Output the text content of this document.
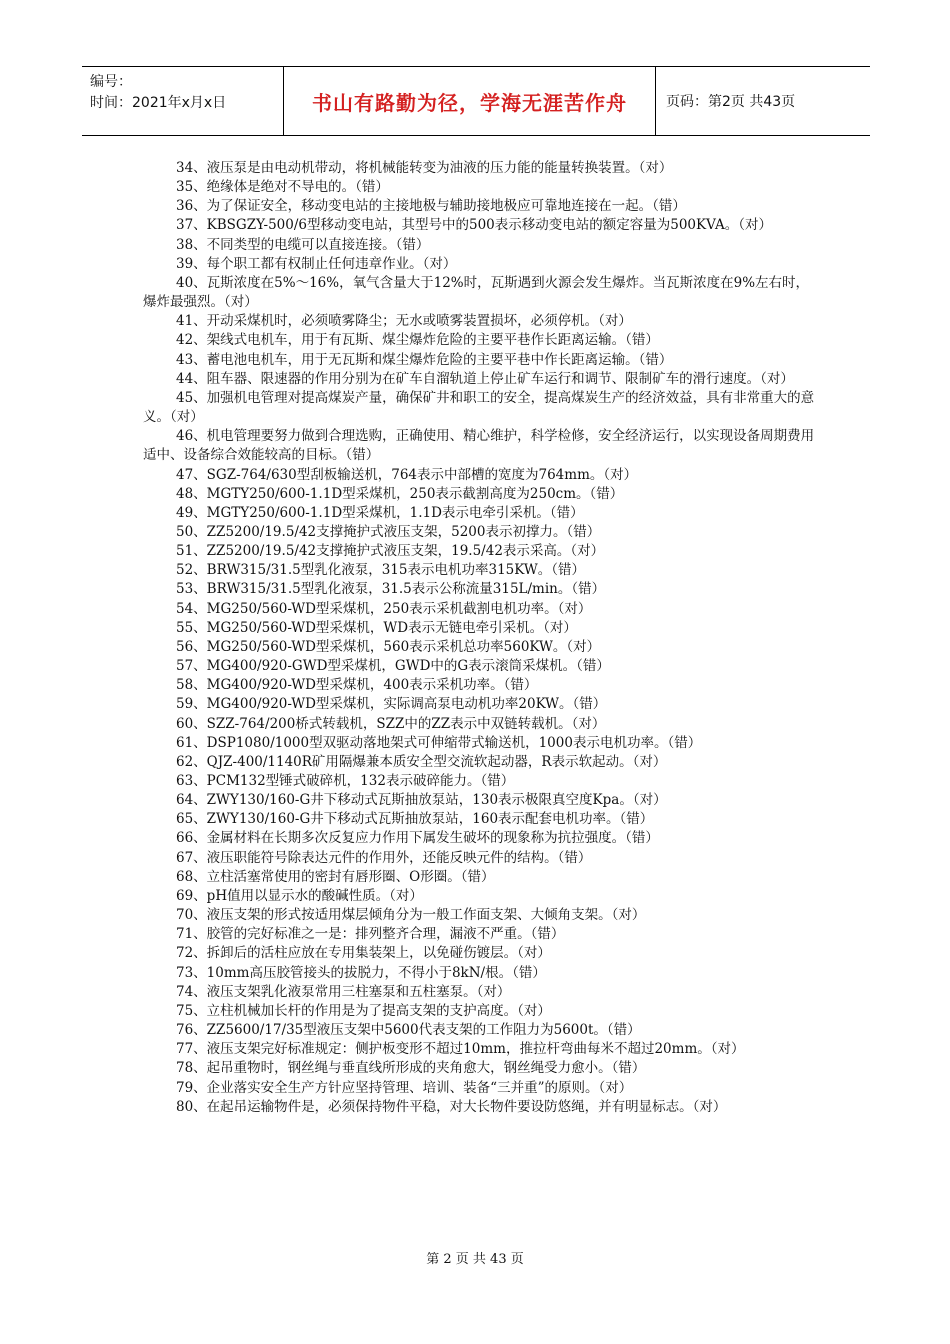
编号：
时间：2021年x月x日	书山有路勤为径，学海无涯苦作舟	页码：第2页 共43页

34、液压泵是由电动机带动，将机械能转变为油液的压力能的能量转换装置。（对）

35、绝缘体是绝对不导电的。（错）

36、为了保证安全，移动变电站的主接地极与辅助接地极应可靠地连接在一起。（错）

37、KBSGZY-500/6型移动变电站，其型号中的500表示移动变电站的额定容量为500KVA。（对）

38、不同类型的电缆可以直接连接。（错）

39、每个职工都有权制止任何违章作业。（对）

40、瓦斯浓度在5%～16%，氧气含量大于12%时，瓦斯遇到火源会发生爆炸。当瓦斯浓度在9%左右时，爆炸最强烈。（对）

41、开动采煤机时，必须喷雾降尘；无水或喷雾装置损坏，必须停机。（对）

42、架线式电机车，用于有瓦斯、煤尘爆炸危险的主要平巷作长距离运输。（错）

43、蓄电池电机车，用于无瓦斯和煤尘爆炸危险的主要平巷中作长距离运输。（错）

44、阻车器、限速器的作用分别为在矿车自溜轨道上停止矿车运行和调节、限制矿车的滑行速度。（对）

45、加强机电管理对提高煤炭产量，确保矿井和职工的安全，提高煤炭生产的经济效益，具有非常重大的意义。（对）

46、机电管理要努力做到合理选购，正确使用、精心维护，科学检修，安全经济运行，以实现设备周期费用适中、设备综合效能较高的目标。（错）

47、SGZ-764/630型刮板输送机，764表示中部槽的宽度为764mm。（对）

48、MGTY250/600-1.1D型采煤机，250表示截割高度为250cm。（错）

49、MGTY250/600-1.1D型采煤机，1.1D表示电牵引采机。（错）

50、ZZ5200/19.5/42支撑掩护式液压支架，5200表示初撑力。（错）

51、ZZ5200/19.5/42支撑掩护式液压支架，19.5/42表示采高。（对）

52、BRW315/31.5型乳化液泵，315表示电机功率315KW。（错）

53、BRW315/31.5型乳化液泵，31.5表示公称流量315L/min。（错）

54、MG250/560-WD型采煤机，250表示采机截割电机功率。（对）

55、MG250/560-WD型采煤机，WD表示无链电牵引采机。（对）

56、MG250/560-WD型采煤机，560表示采机总功率560KW。（对）

57、MG400/920-GWD型采煤机，GWD中的G表示滚筒采煤机。（错）

58、MG400/920-WD型采煤机，400表示采机功率。（错）

59、MG400/920-WD型采煤机，实际调高泵电动机功率20KW。（错）

60、SZZ-764/200桥式转载机，SZZ中的ZZ表示中双链转载机。（对）

61、DSP1080/1000型双驱动落地架式可伸缩带式输送机，1000表示电机功率。（错）

62、QJZ-400/1140R矿用隔爆兼本质安全型交流软起动器，R表示软起动。（对）

63、PCM132型锤式破碎机，132表示破碎能力。（错）

64、ZWY130/160-G井下移动式瓦斯抽放泵站，130表示极限真空度Kpa。（对）

65、ZWY130/160-G井下移动式瓦斯抽放泵站，160表示配套电机功率。（错）

66、金属材料在长期多次反复应力作用下属发生破坏的现象称为抗拉强度。（错）

67、液压职能符号除表达元件的作用外，还能反映元件的结构。（错）

68、立柱活塞常使用的密封有唇形圈、O形圈。（错）

69、pH值用以显示水的酸碱性质。（对）

70、液压支架的形式按适用煤层倾角分为一般工作面支架、大倾角支架。（对）

71、胶管的完好标准之一是：排列整齐合理，漏液不严重。（错）

72、拆卸后的活柱应放在专用集装架上，以免碰伤镀层。（对）

73、10mm高压胶管接头的拔脱力，不得小于8kN/根。（错）

74、液压支架乳化液泵常用三柱塞泵和五柱塞泵。（对）

75、立柱机械加长杆的作用是为了提高支架的支护高度。（对）

76、ZZ5600/17/35型液压支架中5600代表支架的工作阻力为5600t。（错）

77、液压支架完好标准规定：侧护板变形不超过10mm，推拉杆弯曲每米不超过20mm。（对）

78、起吊重物时，钢丝绳与垂直线所形成的夹角愈大，钢丝绳受力愈小。（错）

79、企业落实安全生产方针应坚持管理、培训、装备“三并重”的原则。（对）

80、在起吊运输物件是，必须保持物件平稳，对大长物件要设防悠绳，并有明显标志。（对）

第 2 页 共 43 页
